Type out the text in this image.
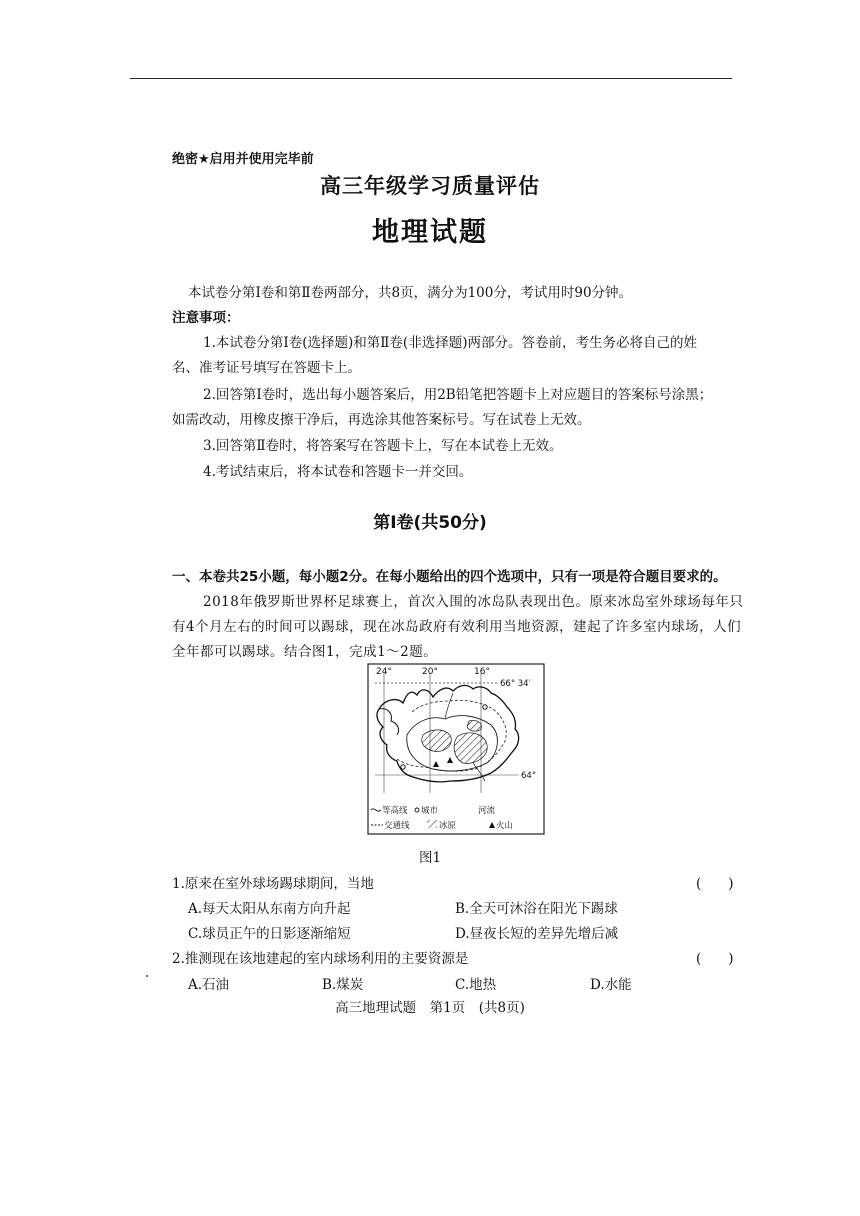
绝密★启用并使用完毕前
高三年级学习质量评估
地理试题
本试卷分第Ⅰ卷和第Ⅱ卷两部分，共8页，满分为100分，考试用时90分钟。
注意事项：
1.本试卷分第Ⅰ卷(选择题)和第Ⅱ卷(非选择题)两部分。答卷前，考生务必将自己的姓
名、准考证号填写在答题卡上。
2.回答第Ⅰ卷时，选出每小题答案后，用2B铅笔把答题卡上对应题目的答案标号涂黑；
如需改动，用橡皮擦干净后，再选涂其他答案标号。写在试卷上无效。
3.回答第Ⅱ卷时，将答案写在答题卡上，写在本试卷上无效。
4.考试结束后，将本试卷和答题卡一并交回。
第Ⅰ卷(共50分)
一、本卷共25小题，每小题2分。在每小题给出的四个选项中，只有一项是符合题目要求的。
2018年俄罗斯世界杯足球赛上，首次入围的冰岛队表现出色。原来冰岛室外球场每年只
有4个月左右的时间可以踢球，现在冰岛政府有效利用当地资源，建起了许多室内球场，人们
全年都可以踢球。结合图1，完成1～2题。
24°	20°	16°
66° 34′
64°
等高线 城市	河流
交通线	冰原	火山
图1
1.原来在室外球场踢球期间，当地	(　　)
A.每天太阳从东南方向升起	B.全天可沐浴在阳光下踢球
C.球员正午的日影逐渐缩短	D.昼夜长短的差异先增后减
2.推测现在该地建起的室内球场利用的主要资源是	(　　)
A.石油	B.煤炭	C.地热	D.水能
高三地理试题　第1页　(共8页)
